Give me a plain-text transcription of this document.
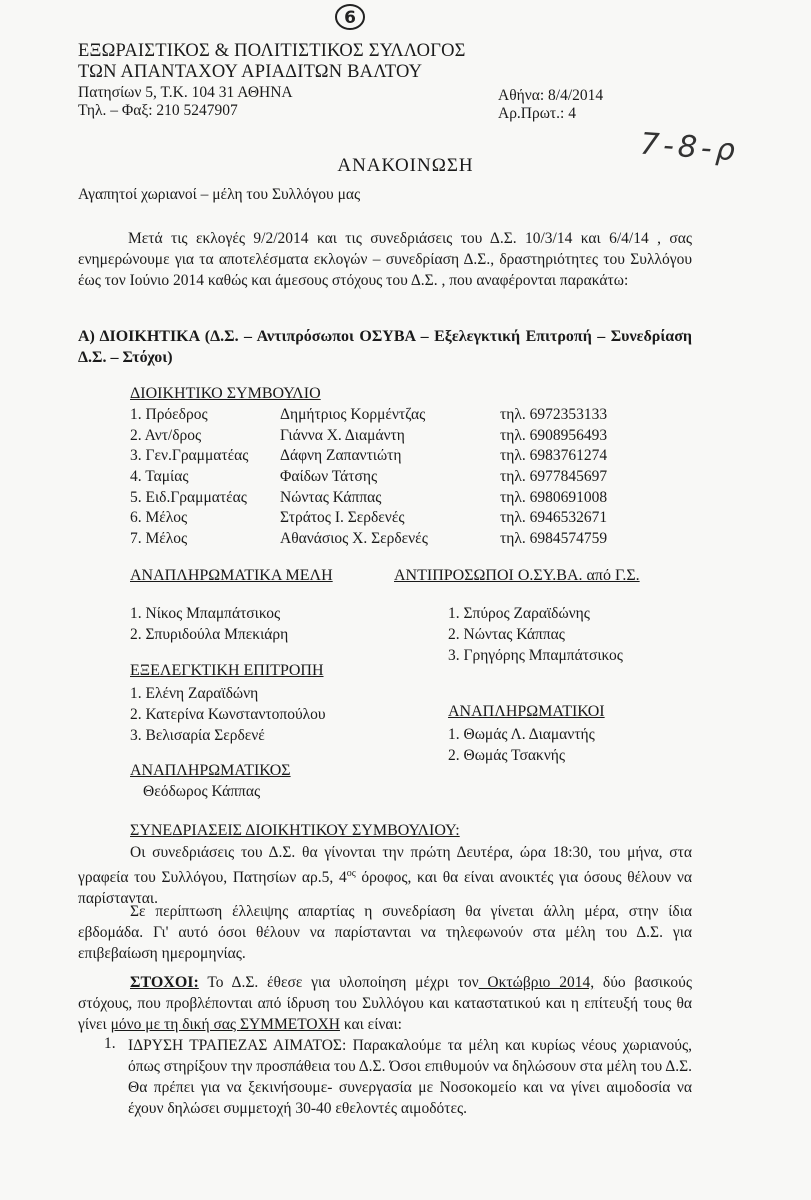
6
ΕΞΩΡΑΙΣΤΙΚΟΣ & ΠΟΛΙΤΙΣΤΙΚΟΣ ΣΥΛΛΟΓΟΣ
ΤΩΝ ΑΠΑΝΤΑΧΟΥ ΑΡΙΑΔΙΤΩΝ ΒΑΛΤΟΥ
Πατησίων 5, Τ.Κ. 104 31 ΑΘΗΝΑ
Τηλ. – Φαξ: 210 5247907
Αθήνα: 8/4/2014
Αρ.Πρωτ.: 4
7-8-ρ
ΑΝΑΚΟΙΝΩΣΗ
Αγαπητοί χωριανοί – μέλη του Συλλόγου μας
Μετά τις εκλογές 9/2/2014 και τις συνεδριάσεις του Δ.Σ. 10/3/14 και 6/4/14 , σας ενημερώνουμε για τα αποτελέσματα εκλογών – συνεδρίαση Δ.Σ., δραστηριότητες του Συλλόγου έως τον Ιούνιο 2014 καθώς και άμεσους στόχους του Δ.Σ. , που αναφέρονται παρακάτω:
Α) ΔΙΟΙΚΗΤΙΚΑ (Δ.Σ. – Αντιπρόσωποι ΟΣΥΒΑ – Εξελεγκτική Επιτροπή – Συνεδρίαση Δ.Σ. – Στόχοι)
ΔΙΟΙΚΗΤΙΚΟ ΣΥΜΒΟΥΛΙΟ
1. Πρόεδρος	Δημήτριος Κορμέντζας	τηλ. 6972353133
2. Αντ/δρος	Γιάννα Χ. Διαμάντη	τηλ. 6908956493
3. Γεν.Γραμματέας	Δάφνη Ζαπαντιώτη	τηλ. 6983761274
4. Ταμίας	Φαίδων Τάτσης	τηλ. 6977845697
5. Ειδ.Γραμματέας	Νώντας Κάππας	τηλ. 6980691008
6. Μέλος	Στράτος Ι. Σερδενές	τηλ. 6946532671
7. Μέλος	Αθανάσιος Χ. Σερδενές	τηλ. 6984574759
ΑΝΑΠΛΗΡΩΜΑΤΙΚΑ ΜΕΛΗ	ΑΝΤΙΠΡΟΣΩΠΟΙ Ο.ΣΥ.ΒΑ. από Γ.Σ.
1. Νίκος Μπαμπάτσικος
2. Σπυριδούλα Μπεκιάρη
1. Σπύρος Ζαραϊδώνης
2. Νώντας Κάππας
3. Γρηγόρης Μπαμπάτσικος
ΕΞΕΛΕΓΚΤΙΚΗ ΕΠΙΤΡΟΠΗ
1. Ελένη Ζαραϊδώνη
2. Κατερίνα Κωνσταντοπούλου
3. Βελισαρία Σερδενέ
ΑΝΑΠΛΗΡΩΜΑΤΙΚΟΙ
1. Θωμάς Λ. Διαμαντής
2. Θωμάς Τσακνής
ΑΝΑΠΛΗΡΩΜΑΤΙΚΟΣ
Θεόδωρος Κάππας
ΣΥΝΕΔΡΙΑΣΕΙΣ ΔΙΟΙΚΗΤΙΚΟΥ ΣΥΜΒΟΥΛΙΟΥ:
Οι συνεδριάσεις του Δ.Σ. θα γίνονται την πρώτη Δευτέρα, ώρα 18:30, του μήνα, στα γραφεία του Συλλόγου, Πατησίων αρ.5, $4^{o\varsigma}$ όροφος, και θα είναι ανοικτές για όσους θέλουν να παρίστανται.
Σε περίπτωση έλλειψης απαρτίας η συνεδρίαση θα γίνεται άλλη μέρα, στην ίδια εβδομάδα. Γι' αυτό όσοι θέλουν να παρίστανται να τηλεφωνούν στα μέλη του Δ.Σ. για επιβεβαίωση ημερομηνίας.
ΣΤΟΧΟΙ: Το Δ.Σ. έθεσε για υλοποίηση μέχρι τον Οκτώβριο 2014, δύο βασικούς στόχους, που προβλέπονται από ίδρυση του Συλλόγου και καταστατικού και η επίτευξή τους θα γίνει μόνο με τη δική σας ΣΥΜΜΕΤΟΧΗ και είναι:
1. ΙΔΡΥΣΗ ΤΡΑΠΕΖΑΣ ΑΙΜΑΤΟΣ: Παρακαλούμε τα μέλη και κυρίως νέους χωριανούς, όπως στηρίξουν την προσπάθεια του Δ.Σ. Όσοι επιθυμούν να δηλώσουν στα μέλη του Δ.Σ. Θα πρέπει για να ξεκινήσουμε- συνεργασία με Νοσοκομείο και να γίνει αιμοδοσία να έχουν δηλώσει συμμετοχή 30-40 εθελοντές αιμοδότες.
